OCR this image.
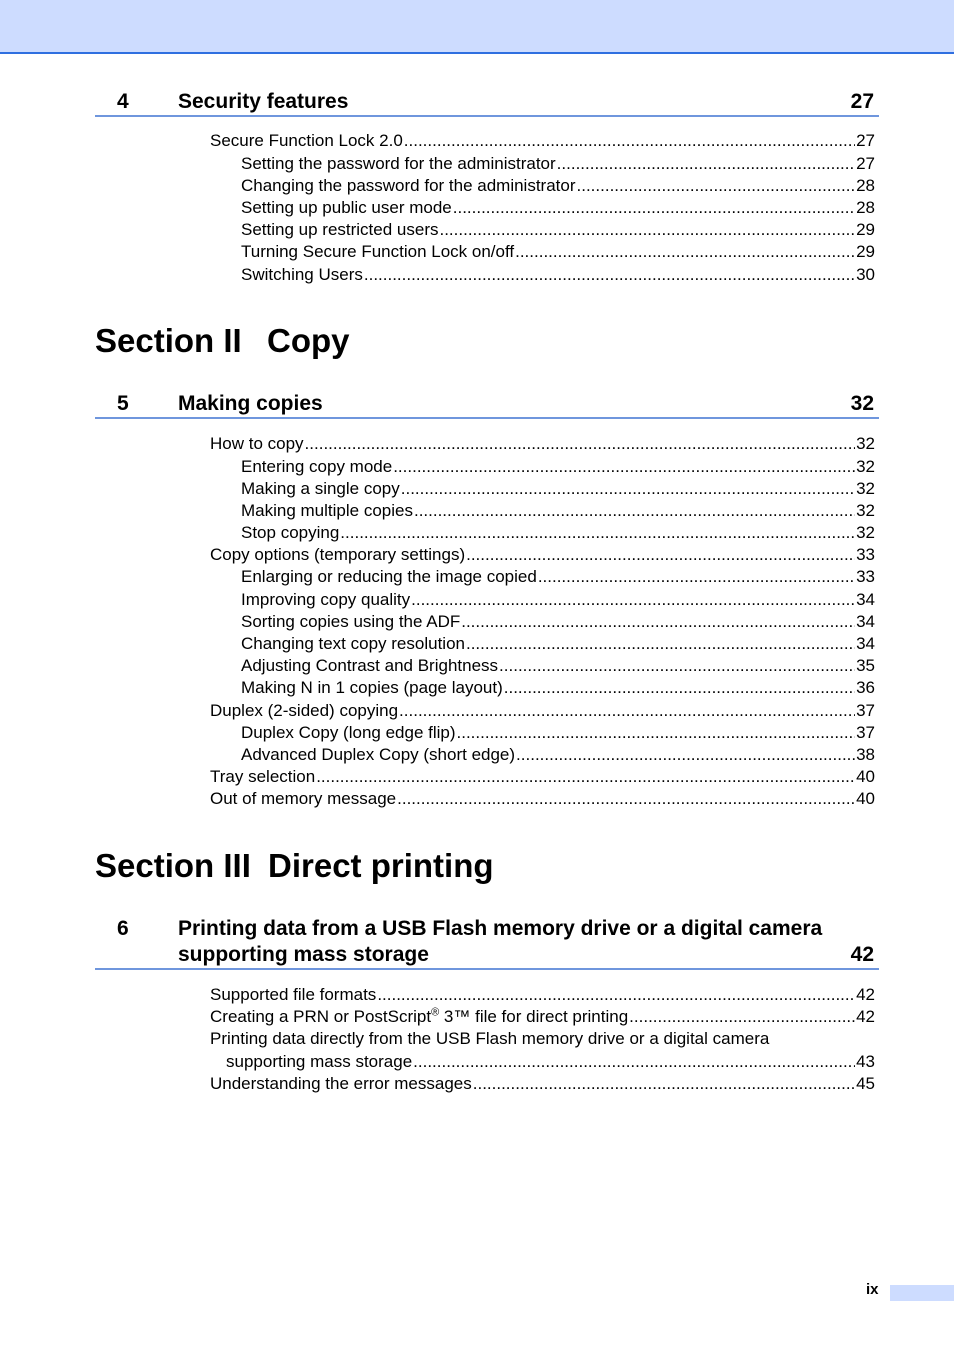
4 Security features	27
Secure Function Lock 2.0 .....	27
Setting the password for the administrator .....	27
Changing the password for the administrator .....	28
Setting up public user mode .....	28
Setting up restricted users .....	29
Turning Secure Function Lock on/off .....	29
Switching Users .....	30
Section II Copy
5 Making copies	32
How to copy .....	32
Entering copy mode .....	32
Making a single copy .....	32
Making multiple copies .....	32
Stop copying .....	32
Copy options (temporary settings) .....	33
Enlarging or reducing the image copied .....	33
Improving copy quality .....	34
Sorting copies using the ADF .....	34
Changing text copy resolution .....	34
Adjusting Contrast and Brightness .....	35
Making N in 1 copies (page layout) .....	36
Duplex (2-sided) copying .....	37
Duplex Copy (long edge flip) .....	37
Advanced Duplex Copy (short edge) .....	38
Tray selection .....	40
Out of memory message .....	40
Section III Direct printing
6 Printing data from a USB Flash memory drive or a digital camera
supporting mass storage	42
Supported file formats .....	42
Creating a PRN or PostScript® 3™ file for direct printing .....	42
Printing data directly from the USB Flash memory drive or a digital camera
supporting mass storage .....	43
Understanding the error messages .....	45
ix
